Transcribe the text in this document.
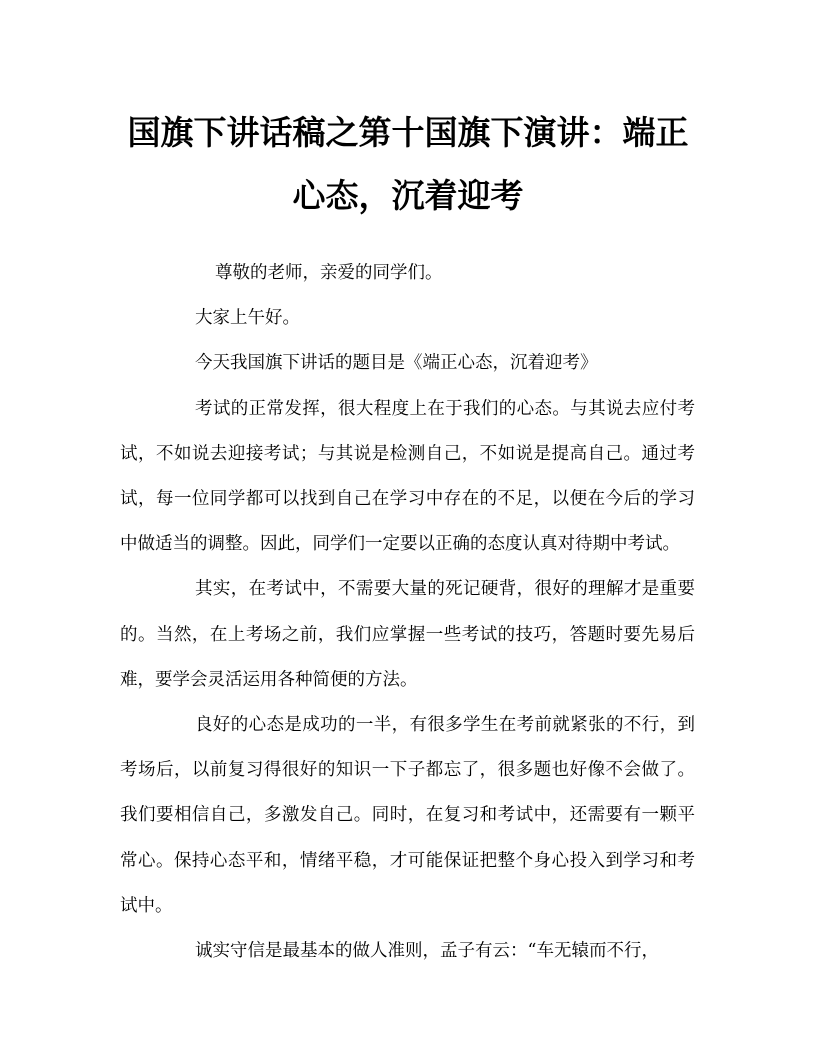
国旗下讲话稿之第十国旗下演讲：端正
心态，沉着迎考

尊敬的老师，亲爱的同学们。

大家上午好。

今天我国旗下讲话的题目是《端正心态，沉着迎考》

考试的正常发挥，很大程度上在于我们的心态。与其说去应付考试，不如说去迎接考试；与其说是检测自己，不如说是提高自己。通过考试，每一位同学都可以找到自己在学习中存在的不足，以便在今后的学习中做适当的调整。因此，同学们一定要以正确的态度认真对待期中考试。

其实，在考试中，不需要大量的死记硬背，很好的理解才是重要的。当然，在上考场之前，我们应掌握一些考试的技巧，答题时要先易后难，要学会灵活运用各种简便的方法。

良好的心态是成功的一半，有很多学生在考前就紧张的不行，到考场后，以前复习得很好的知识一下子都忘了，很多题也好像不会做了。我们要相信自己，多激发自己。同时，在复习和考试中，还需要有一颗平常心。保持心态平和，情绪平稳，才可能保证把整个身心投入到学习和考试中。

诚实守信是最基本的做人准则，孟子有云：“车无辕而不行，
